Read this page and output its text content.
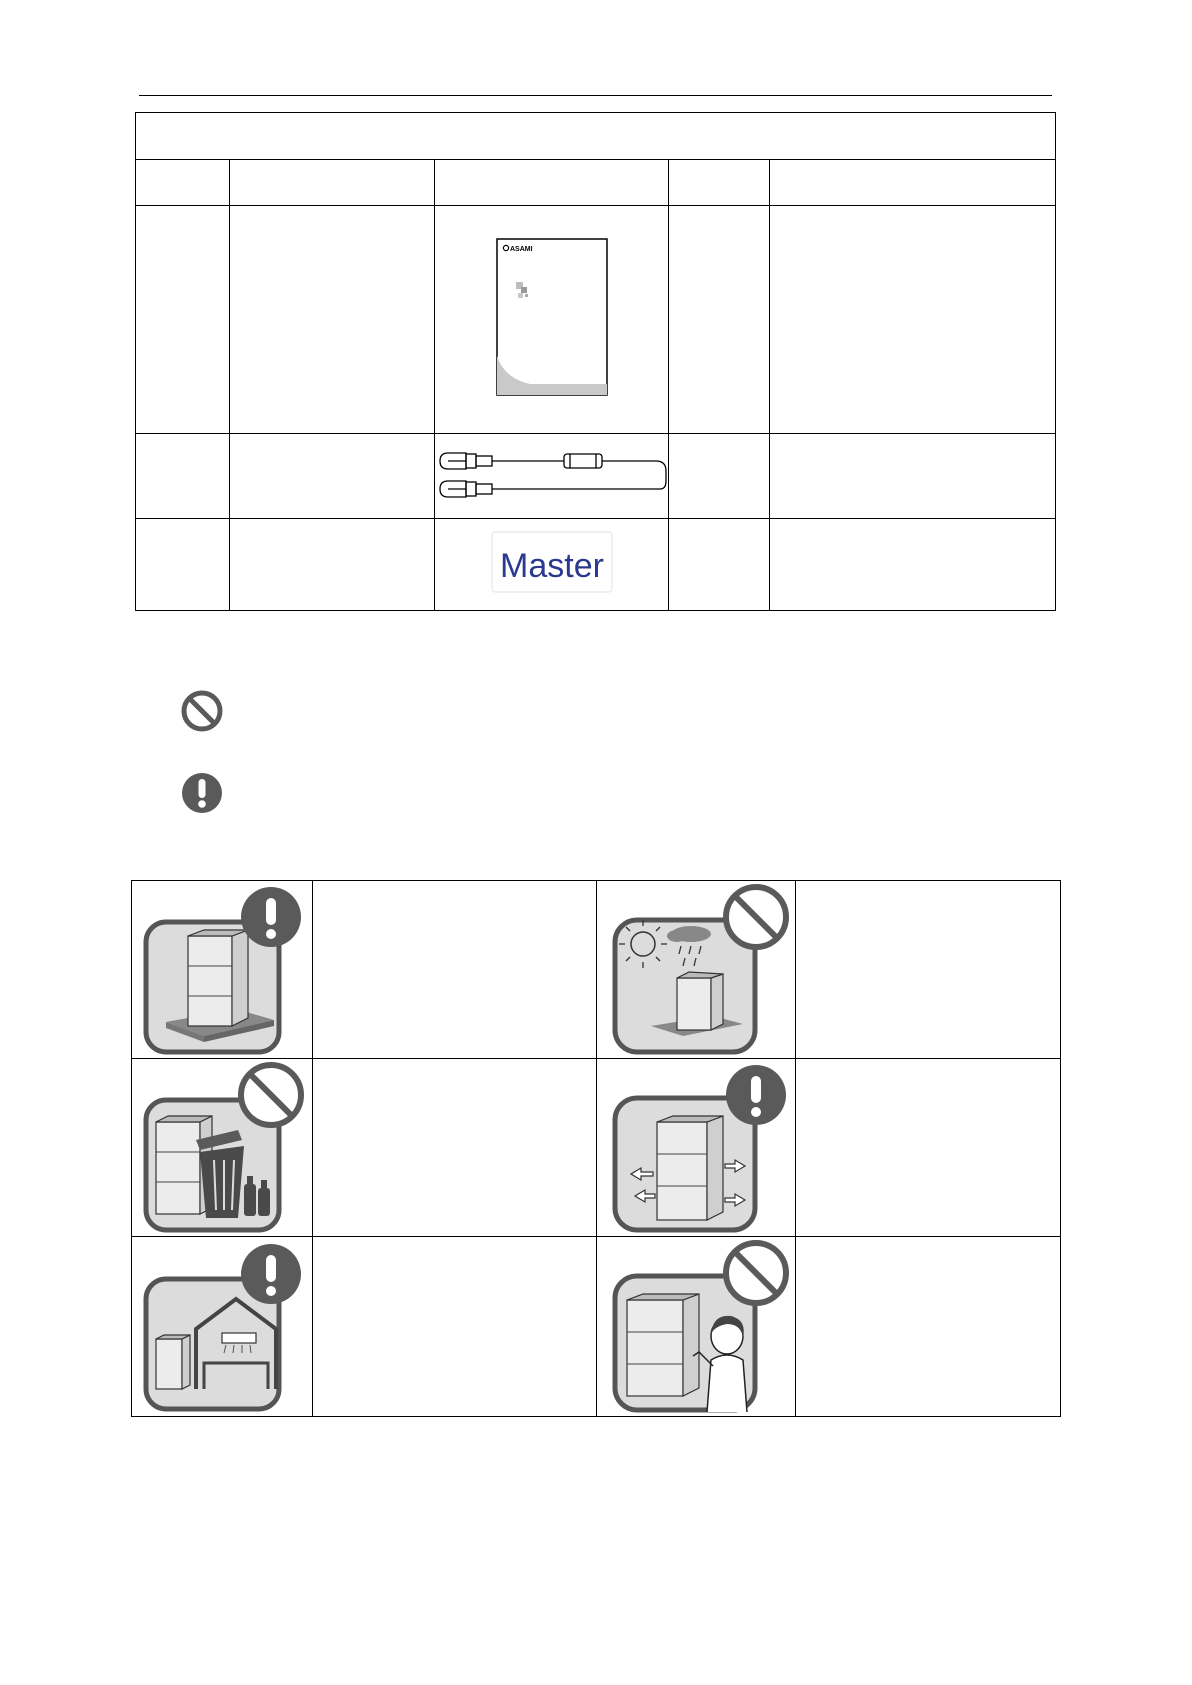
ASAMI		

Master		
